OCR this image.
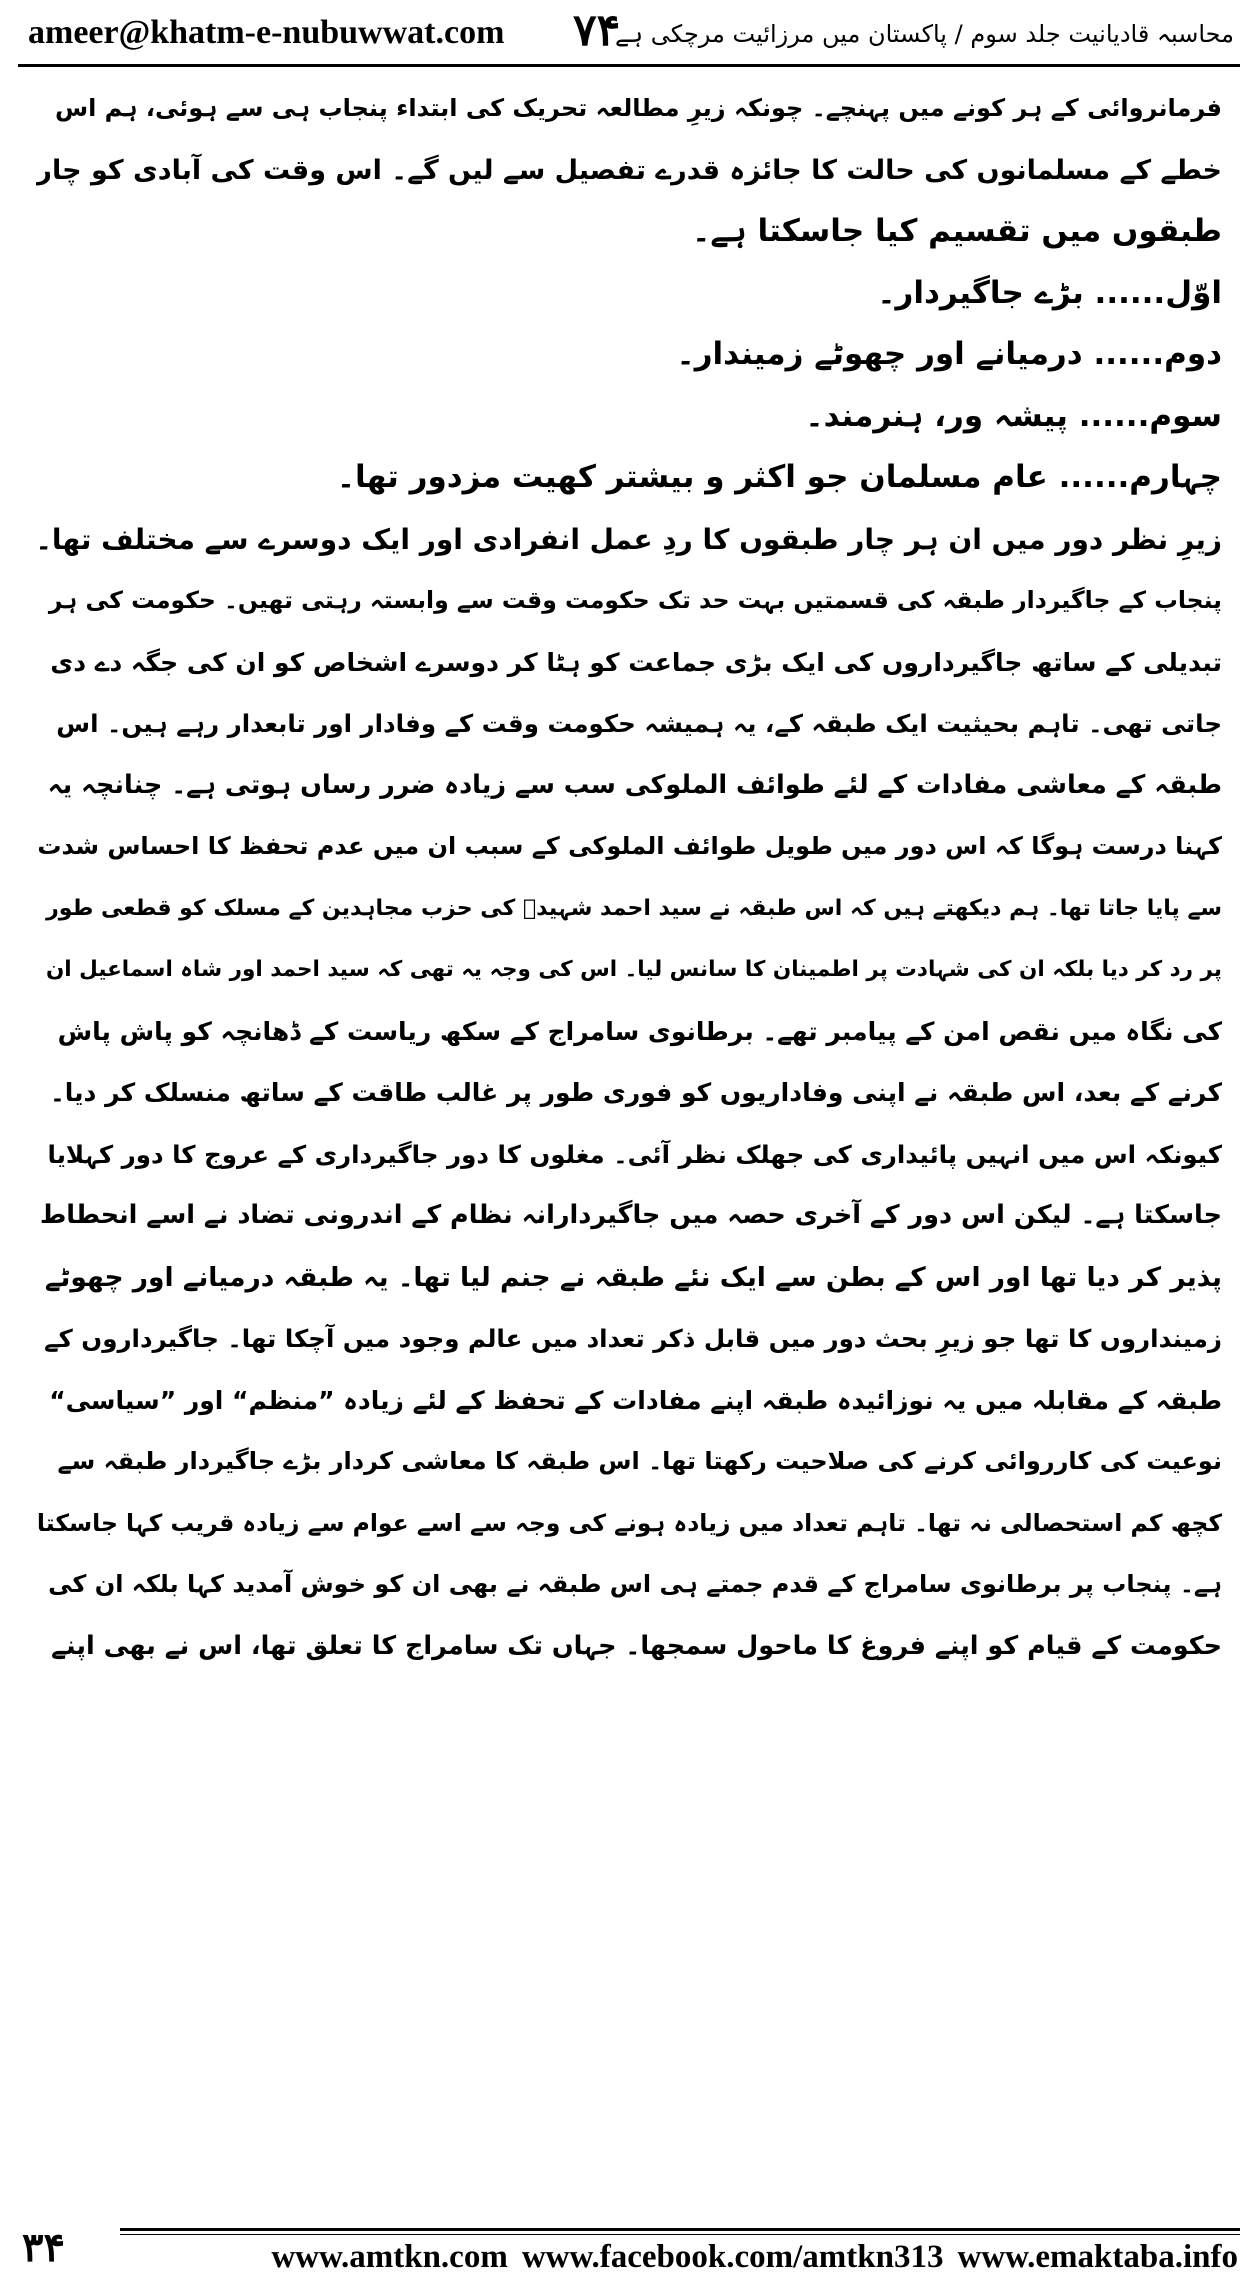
ameer@khatm-e-nubuwwat.com ۷۴
محاسبہ قادیانیت جلد سوم / پاکستان میں مرزائیت مرچکی ہے
فرمانروائی کے ہر کونے میں پہنچے۔ چونکہ زیرِ مطالعہ تحریک کی ابتداء پنجاب ہی سے ہوئی، ہم اس
خطے کے مسلمانوں کی حالت کا جائزہ قدرے تفصیل سے لیں گے۔ اس وقت کی آبادی کو چار
طبقوں میں تقسیم کیا جاسکتا ہے۔
اوّل...... بڑے جاگیردار۔
دوم...... درمیانے اور چھوٹے زمیندار۔
سوم...... پیشہ ور، ہنرمند۔
چہارم...... عام مسلمان جو اکثر و بیشتر کھیت مزدور تھا۔
زیرِ نظر دور میں ان ہر چار طبقوں کا ردِ عمل انفرادی اور ایک دوسرے سے مختلف تھا۔
پنجاب کے جاگیردار طبقہ کی قسمتیں بہت حد تک حکومت وقت سے وابستہ رہتی تھیں۔ حکومت کی ہر
تبدیلی کے ساتھ جاگیرداروں کی ایک بڑی جماعت کو ہٹا کر دوسرے اشخاص کو ان کی جگہ دے دی
جاتی تھی۔ تاہم بحیثیت ایک طبقہ کے، یہ ہمیشہ حکومت وقت کے وفادار اور تابعدار رہے ہیں۔ اس
طبقہ کے معاشی مفادات کے لئے طوائف الملوکی سب سے زیادہ ضرر رساں ہوتی ہے۔ چنانچہ یہ
کہنا درست ہوگا کہ اس دور میں طویل طوائف الملوکی کے سبب ان میں عدم تحفظ کا احساس شدت
سے پایا جاتا تھا۔ ہم دیکھتے ہیں کہ اس طبقہ نے سید احمد شہیدؒ کی حزب مجاہدین کے مسلک کو قطعی طور
پر رد کر دیا بلکہ ان کی شہادت پر اطمینان کا سانس لیا۔ اس کی وجہ یہ تھی کہ سید احمد اور شاہ اسماعیل ان
کی نگاہ میں نقص امن کے پیامبر تھے۔ برطانوی سامراج کے سکھ ریاست کے ڈھانچہ کو پاش پاش
کرنے کے بعد، اس طبقہ نے اپنی وفاداریوں کو فوری طور پر غالب طاقت کے ساتھ منسلک کر دیا۔
کیونکہ اس میں انہیں پائیداری کی جھلک نظر آئی۔ مغلوں کا دور جاگیرداری کے عروج کا دور کہلایا
جاسکتا ہے۔ لیکن اس دور کے آخری حصہ میں جاگیردارانہ نظام کے اندرونی تضاد نے اسے انحطاط
پذیر کر دیا تھا اور اس کے بطن سے ایک نئے طبقہ نے جنم لیا تھا۔ یہ طبقہ درمیانے اور چھوٹے
زمینداروں کا تھا جو زیرِ بحث دور میں قابل ذکر تعداد میں عالم وجود میں آچکا تھا۔ جاگیرداروں کے
طبقہ کے مقابلہ میں یہ نوزائیدہ طبقہ اپنے مفادات کے تحفظ کے لئے زیادہ ”منظم“ اور ”سیاسی“
نوعیت کی کارروائی کرنے کی صلاحیت رکھتا تھا۔ اس طبقہ کا معاشی کردار بڑے جاگیردار طبقہ سے
کچھ کم استحصالی نہ تھا۔ تاہم تعداد میں زیادہ ہونے کی وجہ سے اسے عوام سے زیادہ قریب کہا جاسکتا
ہے۔ پنجاب پر برطانوی سامراج کے قدم جمتے ہی اس طبقہ نے بھی ان کو خوش آمدید کہا بلکہ ان کی
حکومت کے قیام کو اپنے فروغ کا ماحول سمجھا۔ جہاں تک سامراج کا تعلق تھا، اس نے بھی اپنے
۳۴	www.amtkn.com www.facebook.com/amtkn313 www.emaktaba.info
